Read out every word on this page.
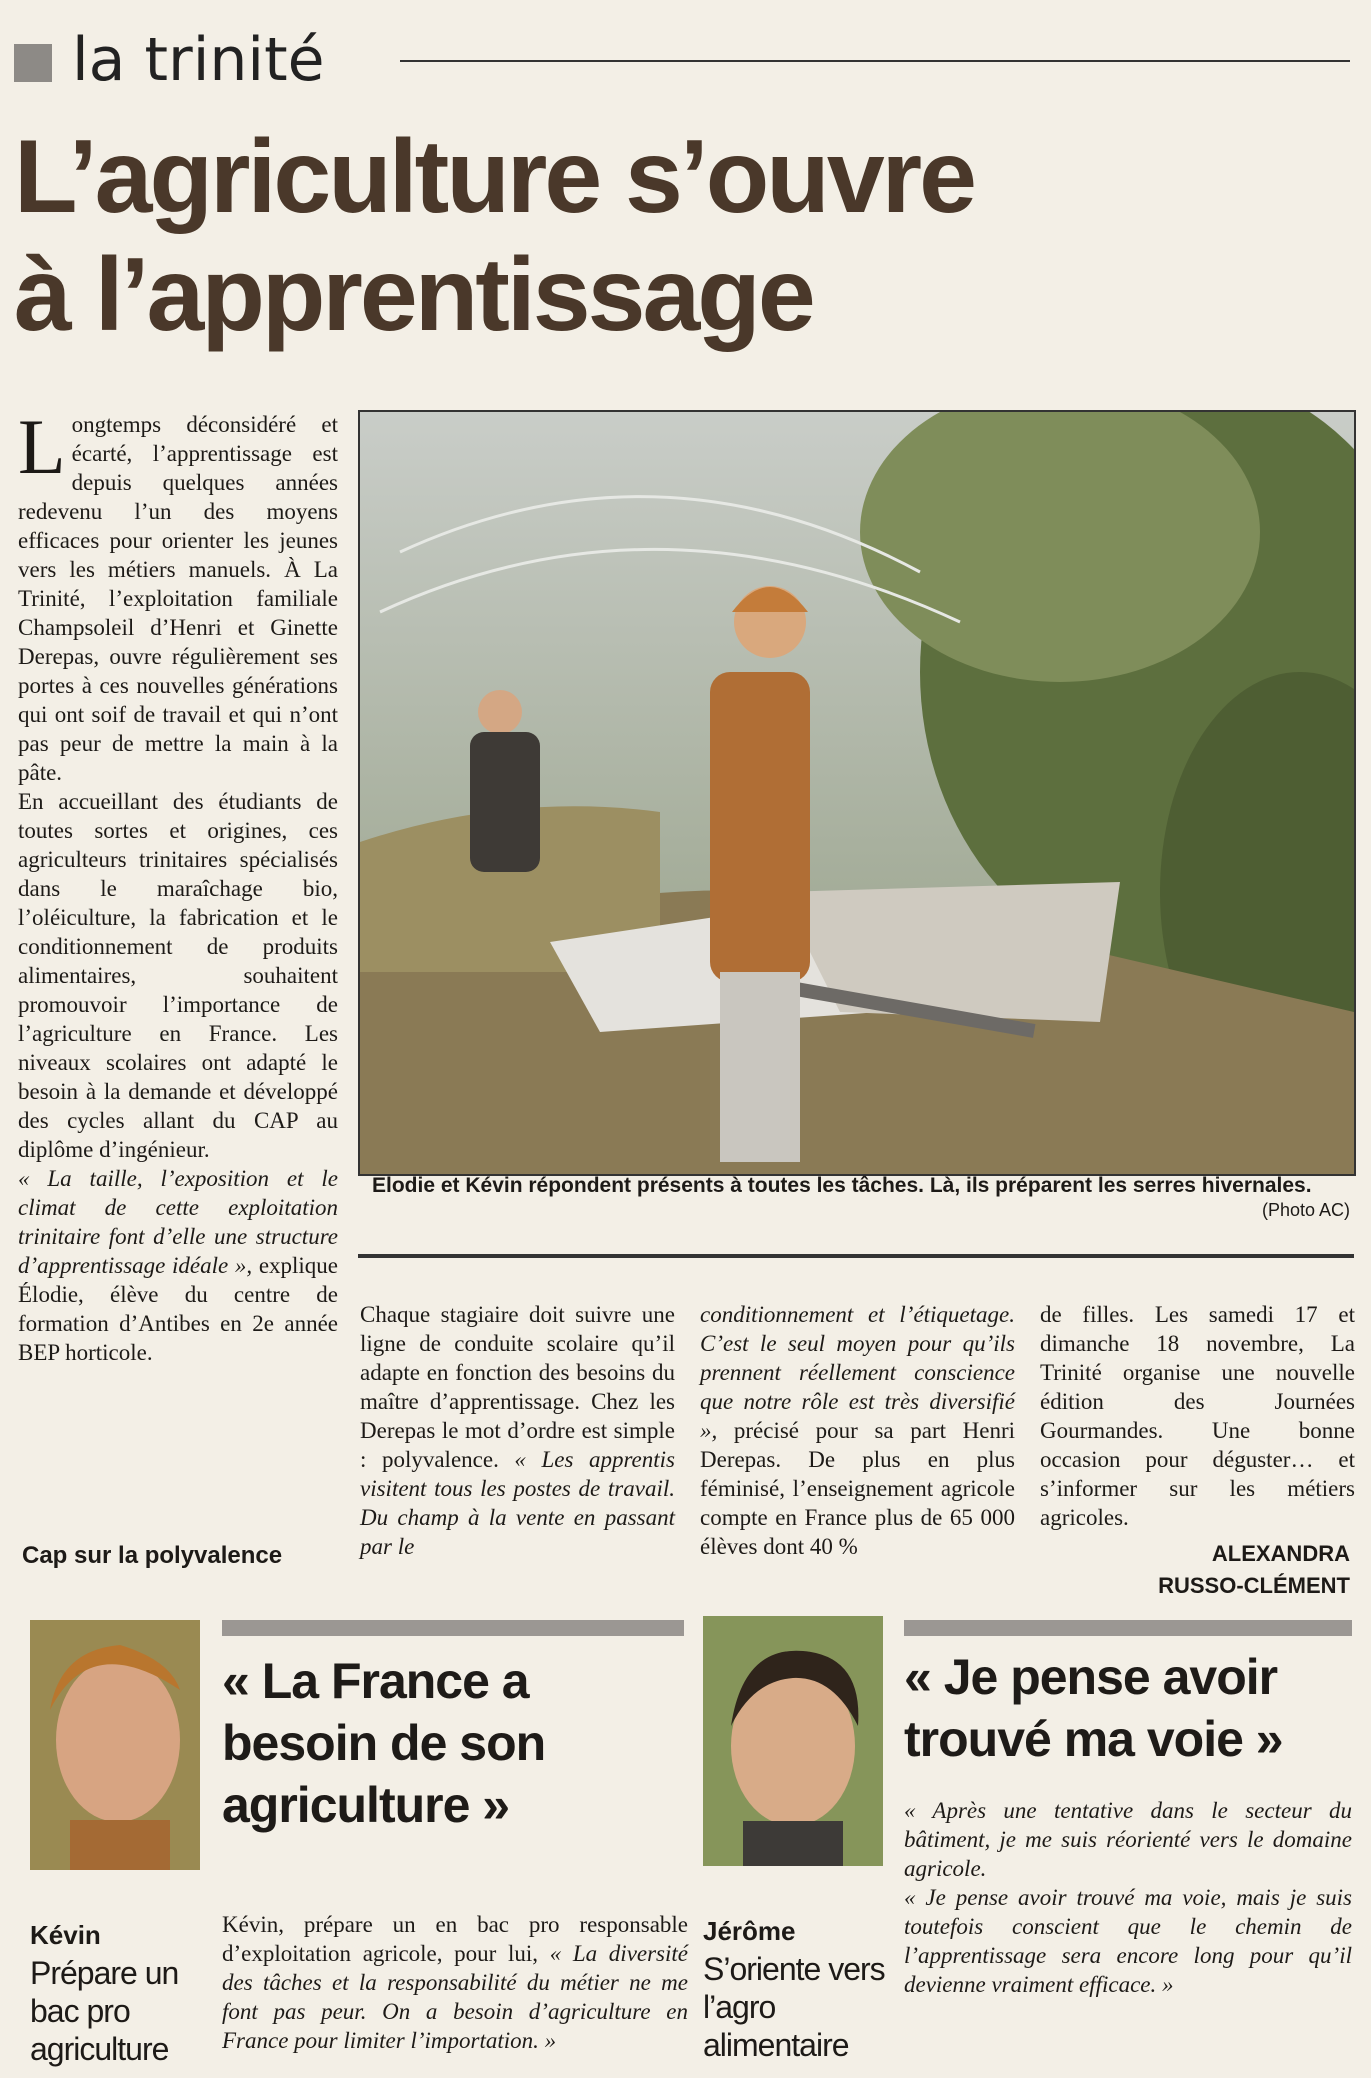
la trinité
L’agriculture s’ouvre
à l’apprentissage

Longtemps déconsidéré et écarté, l’apprentissage est depuis quelques années redevenu l’un des moyens efficaces pour orienter les jeunes vers les métiers manuels. À La Trinité, l’exploitation familiale Champsoleil d’Henri et Ginette Derepas, ouvre régulièrement ses portes à ces nouvelles générations qui ont soif de travail et qui n’ont pas peur de mettre la main à la pâte.

En accueillant des étudiants de toutes sortes et origines, ces agriculteurs trinitaires spécialisés dans le maraîchage bio, l’oléiculture, la fabrication et le conditionnement de produits alimentaires, souhaitent promouvoir l’importance de l’agriculture en France. Les niveaux scolaires ont adapté le besoin à la demande et développé des cycles allant du CAP au diplôme d’ingénieur.

« La taille, l’exposition et le climat de cette exploitation trinitaire font d’elle une structure d’apprentissage idéale », explique Élodie, élève du centre de formation d’Antibes en 2e année BEP horticole.

Cap sur la polyvalence
Elodie et Kévin répondent présents à toutes les tâches. Là, ils préparent les serres hivernales.
(Photo AC)

Chaque stagiaire doit suivre une ligne de conduite scolaire qu’il adapte en fonction des besoins du maître d’apprentissage. Chez les Derepas le mot d’ordre est simple : polyvalence. « Les apprentis visitent tous les postes de travail. Du champ à la vente en passant par le

conditionnement et l’étiquetage. C’est le seul moyen pour qu’ils prennent réellement conscience que notre rôle est très diversifié », précisé pour sa part Henri Derepas. De plus en plus féminisé, l’enseignement agricole compte en France plus de 65 000 élèves dont 40 %

de filles. Les samedi 17 et dimanche 18 novembre, La Trinité organise une nouvelle édition des Journées Gourmandes. Une bonne occasion pour déguster… et s’informer sur les métiers agricoles.

ALEXANDRA
RUSSO-CLÉMENT
« La France a besoin de son agriculture »
Kévin
Prépare un bac pro agriculture

Kévin, prépare un en bac pro responsable d’exploitation agricole, pour lui, « La diversité des tâches et la responsabilité du métier ne me font pas peur. On a besoin d’agriculture en France pour limiter l’importation. »

« Je pense avoir trouvé ma voie »
Jérôme
S’oriente vers l’agro alimentaire

« Après une tentative dans le secteur du bâtiment, je me suis réorienté vers le domaine agricole.

« Je pense avoir trouvé ma voie, mais je suis toutefois conscient que le chemin de l’apprentissage sera encore long pour qu’il devienne vraiment efficace. »
